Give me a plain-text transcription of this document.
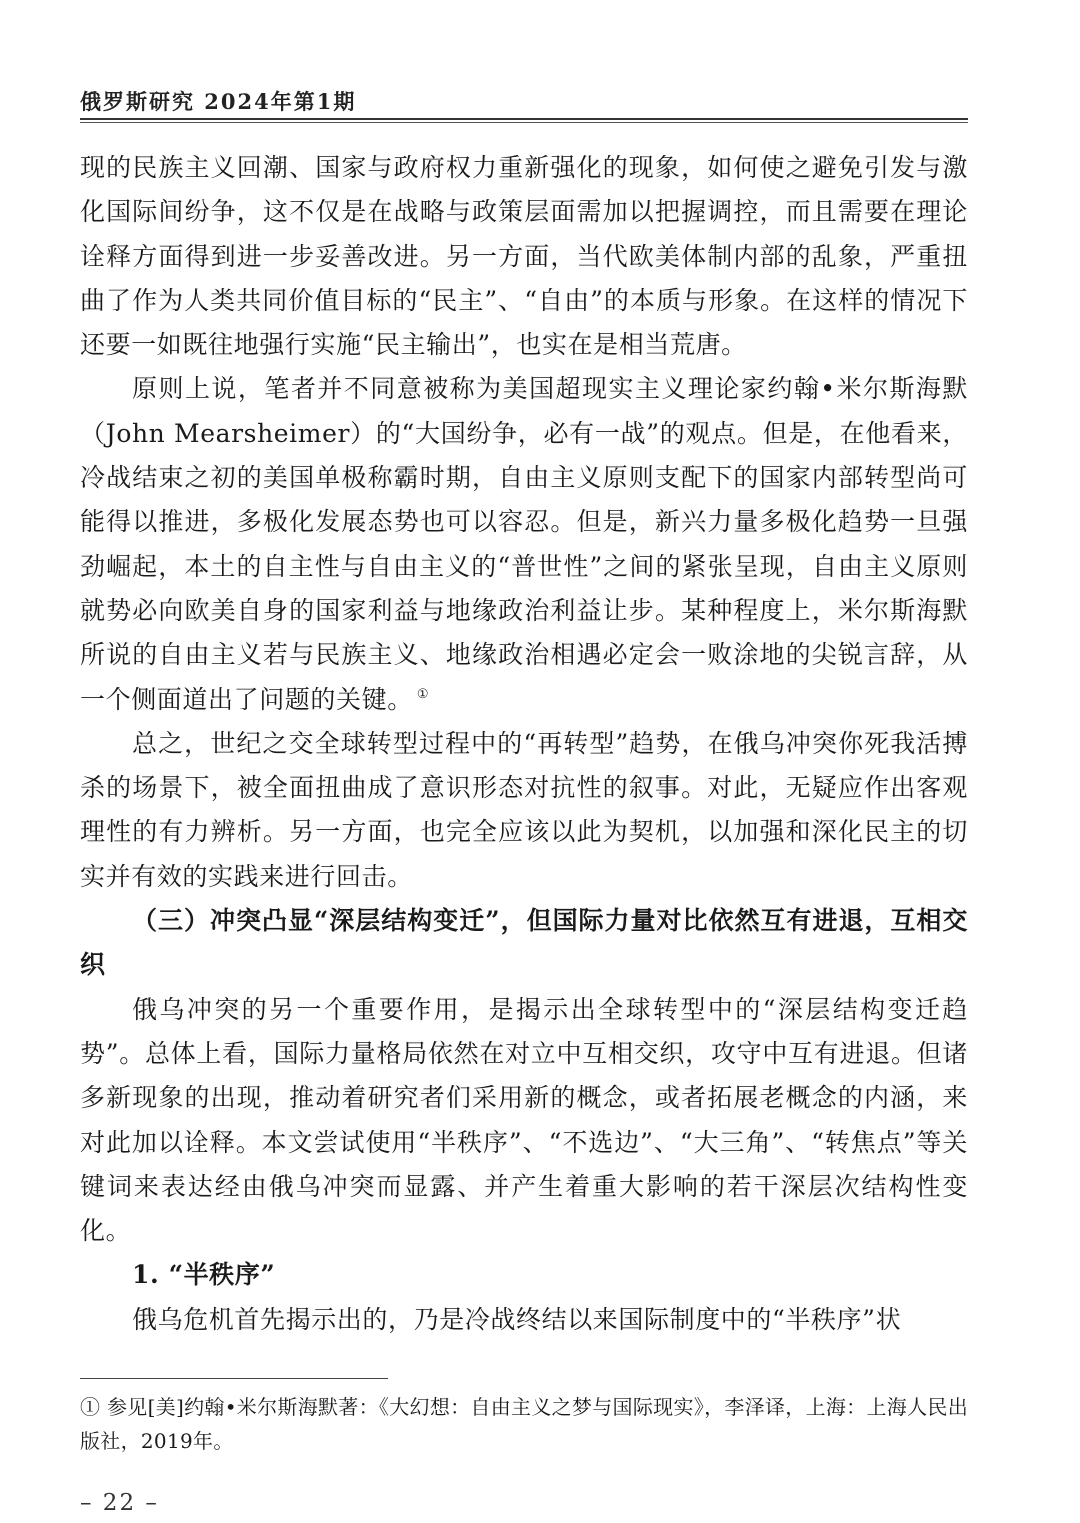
俄罗斯研究 2024年第1期

现的民族主义回潮、国家与政府权力重新强化的现象，如何使之避免引发与激化国际间纷争，这不仅是在战略与政策层面需加以把握调控，而且需要在理论诠释方面得到进一步妥善改进。另一方面，当代欧美体制内部的乱象，严重扭曲了作为人类共同价值目标的“民主”、“自由”的本质与形象。在这样的情况下还要一如既往地强行实施“民主输出”，也实在是相当荒唐。

原则上说，笔者并不同意被称为美国超现实主义理论家约翰•米尔斯海默（John Mearsheimer）的“大国纷争，必有一战”的观点。但是，在他看来，冷战结束之初的美国单极称霸时期，自由主义原则支配下的国家内部转型尚可能得以推进，多极化发展态势也可以容忍。但是，新兴力量多极化趋势一旦强劲崛起，本土的自主性与自由主义的“普世性”之间的紧张呈现，自由主义原则就势必向欧美自身的国家利益与地缘政治利益让步。某种程度上，米尔斯海默所说的自由主义若与民族主义、地缘政治相遇必定会一败涂地的尖锐言辞，从一个侧面道出了问题的关键。 ①

总之，世纪之交全球转型过程中的“再转型”趋势，在俄乌冲突你死我活搏杀的场景下，被全面扭曲成了意识形态对抗性的叙事。对此，无疑应作出客观理性的有力辨析。另一方面，也完全应该以此为契机，以加强和深化民主的切实并有效的实践来进行回击。

（三）冲突凸显“深层结构变迁”，但国际力量对比依然互有进退，互相交织

俄乌冲突的另一个重要作用，是揭示出全球转型中的“深层结构变迁趋势”。总体上看，国际力量格局依然在对立中互相交织，攻守中互有进退。但诸多新现象的出现，推动着研究者们采用新的概念，或者拓展老概念的内涵，来对此加以诠释。本文尝试使用“半秩序”、“不选边”、“大三角”、“转焦点”等关键词来表达经由俄乌冲突而显露、并产生着重大影响的若干深层次结构性变化。

1. “半秩序”

俄乌危机首先揭示出的，乃是冷战终结以来国际制度中的“半秩序”状

① 参见[美]约翰•米尔斯海默著：《大幻想：自由主义之梦与国际现实》，李泽译，上海：上海人民出版社，2019年。

– 22 –
